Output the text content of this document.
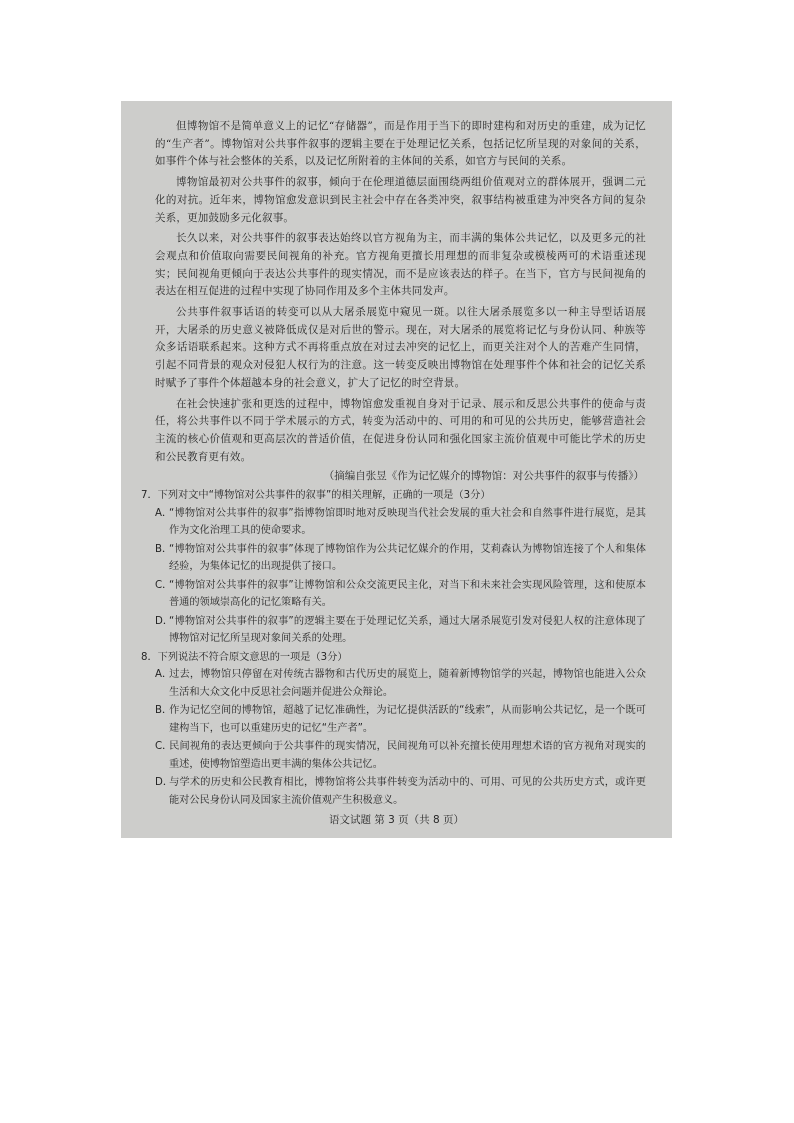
但博物馆不是简单意义上的记忆“存储器”，而是作用于当下的即时建构和对历史的重建，成为记忆的“生产者”。博物馆对公共事件叙事的逻辑主要在于处理记忆关系，包括记忆所呈现的对象间的关系，如事件个体与社会整体的关系，以及记忆所附着的主体间的关系，如官方与民间的关系。

博物馆最初对公共事件的叙事，倾向于在伦理道德层面围绕两组价值观对立的群体展开，强调二元化的对抗。近年来，博物馆愈发意识到民主社会中存在各类冲突，叙事结构被重建为冲突各方间的复杂关系，更加鼓励多元化叙事。

长久以来，对公共事件的叙事表达始终以官方视角为主，而丰满的集体公共记忆，以及更多元的社会观点和价值取向需要民间视角的补充。官方视角更擅长用理想的而非复杂或模棱两可的术语重述现实；民间视角更倾向于表达公共事件的现实情况，而不是应该表达的样子。在当下，官方与民间视角的表达在相互促进的过程中实现了协同作用及多个主体共同发声。

公共事件叙事话语的转变可以从大屠杀展览中窥见一斑。以往大屠杀展览多以一种主导型话语展开，大屠杀的历史意义被降低成仅是对后世的警示。现在，对大屠杀的展览将记忆与身份认同、种族等众多话语联系起来。这种方式不再将重点放在对过去冲突的记忆上，而更关注对个人的苦难产生同情，引起不同背景的观众对侵犯人权行为的注意。这一转变反映出博物馆在处理事件个体和社会的记忆关系时赋予了事件个体超越本身的社会意义，扩大了记忆的时空背景。

在社会快速扩张和更迭的过程中，博物馆愈发重视自身对于记录、展示和反思公共事件的使命与责任，将公共事件以不同于学术展示的方式，转变为活动中的、可用的和可见的公共历史，能够营造社会主流的核心价值观和更高层次的普适价值，在促进身份认同和强化国家主流价值观中可能比学术的历史和公民教育更有效。

（摘编自张昱《作为记忆媒介的博物馆：对公共事件的叙事与传播》）

7．下列对文中“博物馆对公共事件的叙事”的相关理解，正确的一项是（3分）

A．“博物馆对公共事件的叙事”指博物馆即时地对反映现当代社会发展的重大社会和自然事件进行展览，是其作为文化治理工具的使命要求。

B．“博物馆对公共事件的叙事”体现了博物馆作为公共记忆媒介的作用，艾莉森认为博物馆连接了个人和集体经验，为集体记忆的出现提供了接口。

C．“博物馆对公共事件的叙事”让博物馆和公众交流更民主化，对当下和未来社会实现风险管理，这和使原本普通的领域崇高化的记忆策略有关。

D．“博物馆对公共事件的叙事”的逻辑主要在于处理记忆关系，通过大屠杀展览引发对侵犯人权的注意体现了博物馆对记忆所呈现对象间关系的处理。

8．下列说法不符合原文意思的一项是（3分）

A．过去，博物馆只停留在对传统古器物和古代历史的展览上，随着新博物馆学的兴起，博物馆也能进入公众生活和大众文化中反思社会问题并促进公众辩论。

B．作为记忆空间的博物馆，超越了记忆准确性，为记忆提供活跃的“线索”，从而影响公共记忆，是一个既可建构当下，也可以重建历史的记忆“生产者”。

C．民间视角的表达更倾向于公共事件的现实情况，民间视角可以补充擅长使用理想术语的官方视角对现实的重述，使博物馆塑造出更丰满的集体公共记忆。

D．与学术的历史和公民教育相比，博物馆将公共事件转变为活动中的、可用、可见的公共历史方式，或许更能对公民身份认同及国家主流价值观产生积极意义。

语文试题 第 3 页（共 8 页）
